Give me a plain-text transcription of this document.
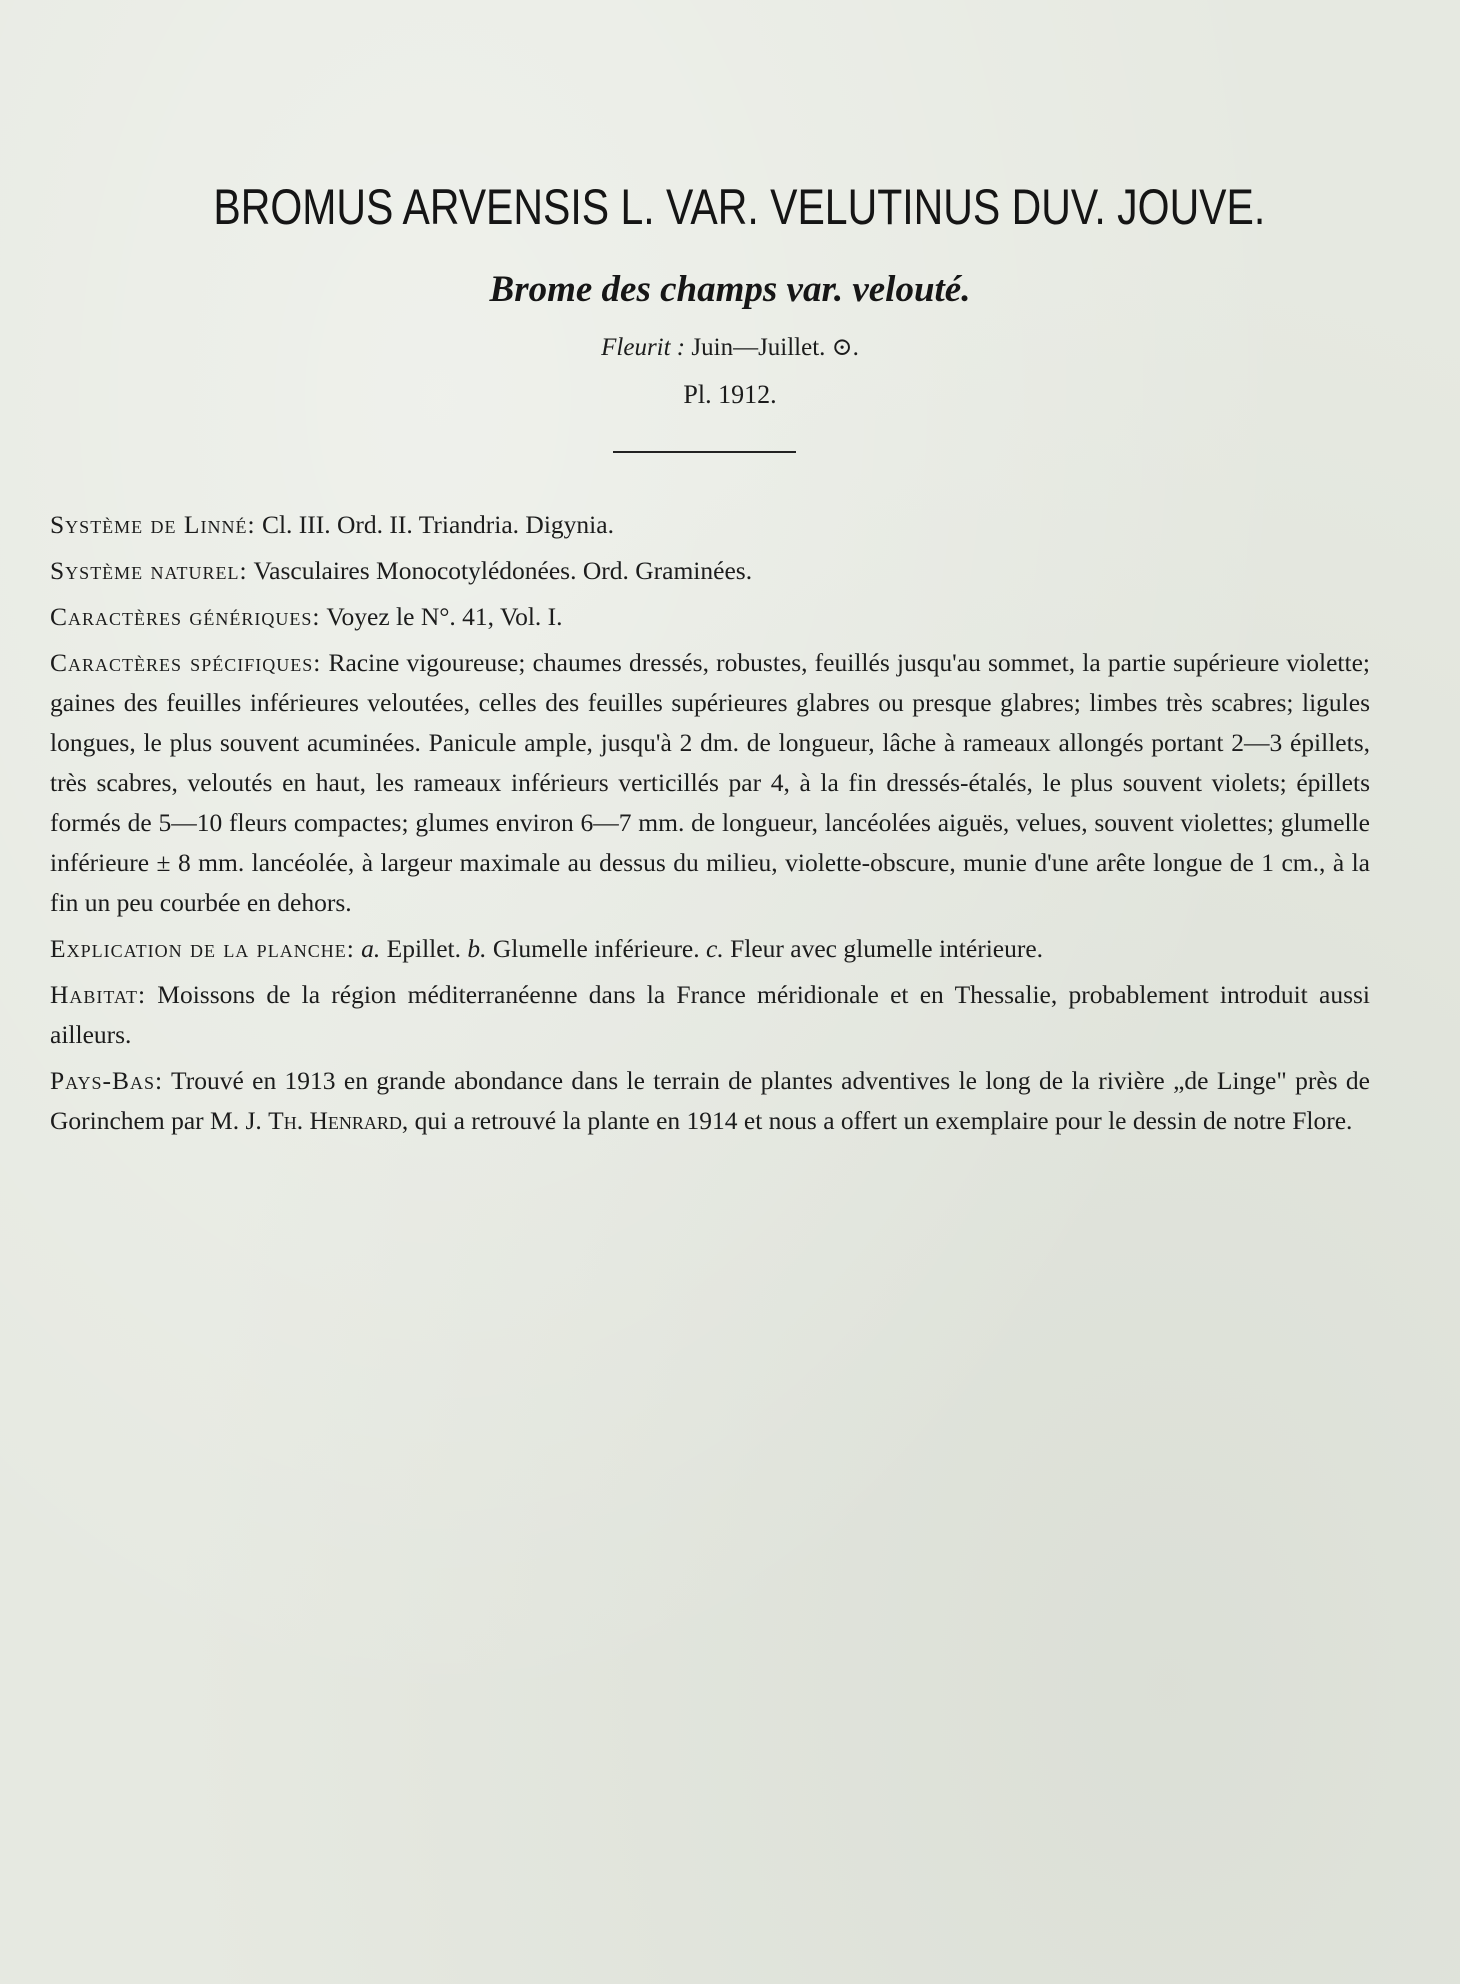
BROMUS ARVENSIS L. VAR. VELUTINUS DUV. JOUVE.
Brome des champs var. velouté.
Fleurit : Juin—Juillet. ⊙.
Pl. 1912.

Système de Linné: Cl. III. Ord. II. Triandria. Digynia.

Système naturel: Vasculaires Monocotylédonées. Ord. Graminées.

Caractères génériques: Voyez le N°. 41, Vol. I.

Caractères spécifiques: Racine vigoureuse; chaumes dressés, robustes, feuillés jusqu'au sommet, la partie supérieure violette; gaines des feuilles inférieures veloutées, celles des feuilles supérieures glabres ou presque glabres; limbes très scabres; ligules longues, le plus souvent acuminées. Panicule ample, jusqu'à 2 dm. de longueur, lâche à rameaux allongés portant 2—3 épillets, très scabres, veloutés en haut, les rameaux inférieurs verticillés par 4, à la fin dressés-étalés, le plus souvent violets; épillets formés de 5—10 fleurs compactes; glumes environ 6—7 mm. de longueur, lancéolées aiguës, velues, souvent violettes; glumelle inférieure ± 8 mm. lancéolée, à largeur maximale au dessus du milieu, violette-obscure, munie d'une arête longue de 1 cm., à la fin un peu courbée en dehors.

Explication de la planche: a. Epillet. b. Glumelle inférieure. c. Fleur avec glumelle intérieure.

Habitat: Moissons de la région méditerranéenne dans la France méridionale et en Thessalie, probablement introduit aussi ailleurs.

Pays-Bas: Trouvé en 1913 en grande abondance dans le terrain de plantes adventives le long de la rivière „de Linge" près de Gorinchem par M. J. Th. Henrard, qui a retrouvé la plante en 1914 et nous a offert un exemplaire pour le dessin de notre Flore.
